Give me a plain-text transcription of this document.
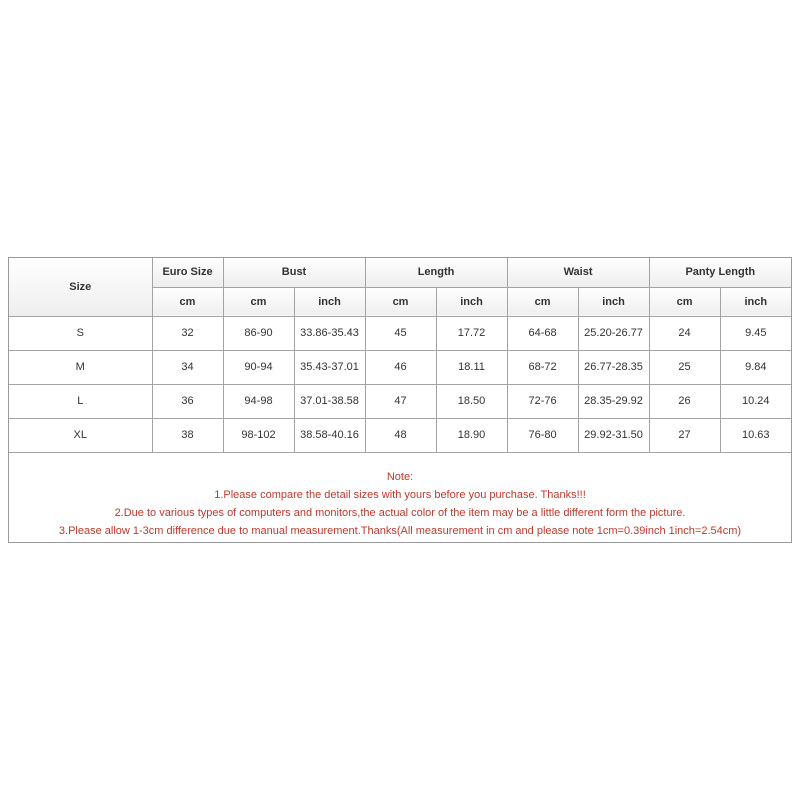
Size	Euro Size	Bust		Length		Waist		Panty Length	
	cm	cm	inch	cm	inch	cm	inch	cm	inch
S	32	86-90	33.86-35.43	45	17.72	64-68	25.20-26.77	24	9.45
M	34	90-94	35.43-37.01	46	18.11	68-72	26.77-28.35	25	9.84
L	36	94-98	37.01-38.58	47	18.50	72-76	28.35-29.92	26	10.24
XL	38	98-102	38.58-40.16	48	18.90	76-80	29.92-31.50	27	10.63
Note:
1.Please compare the detail sizes with yours before you purchase. Thanks!!!
2.Due to various types of computers and monitors,the actual color of the item may be a little different form the picture.
3.Please allow 1-3cm difference due to manual measurement.Thanks(All measurement in cm and please note 1cm=0.39inch 1inch=2.54cm)
